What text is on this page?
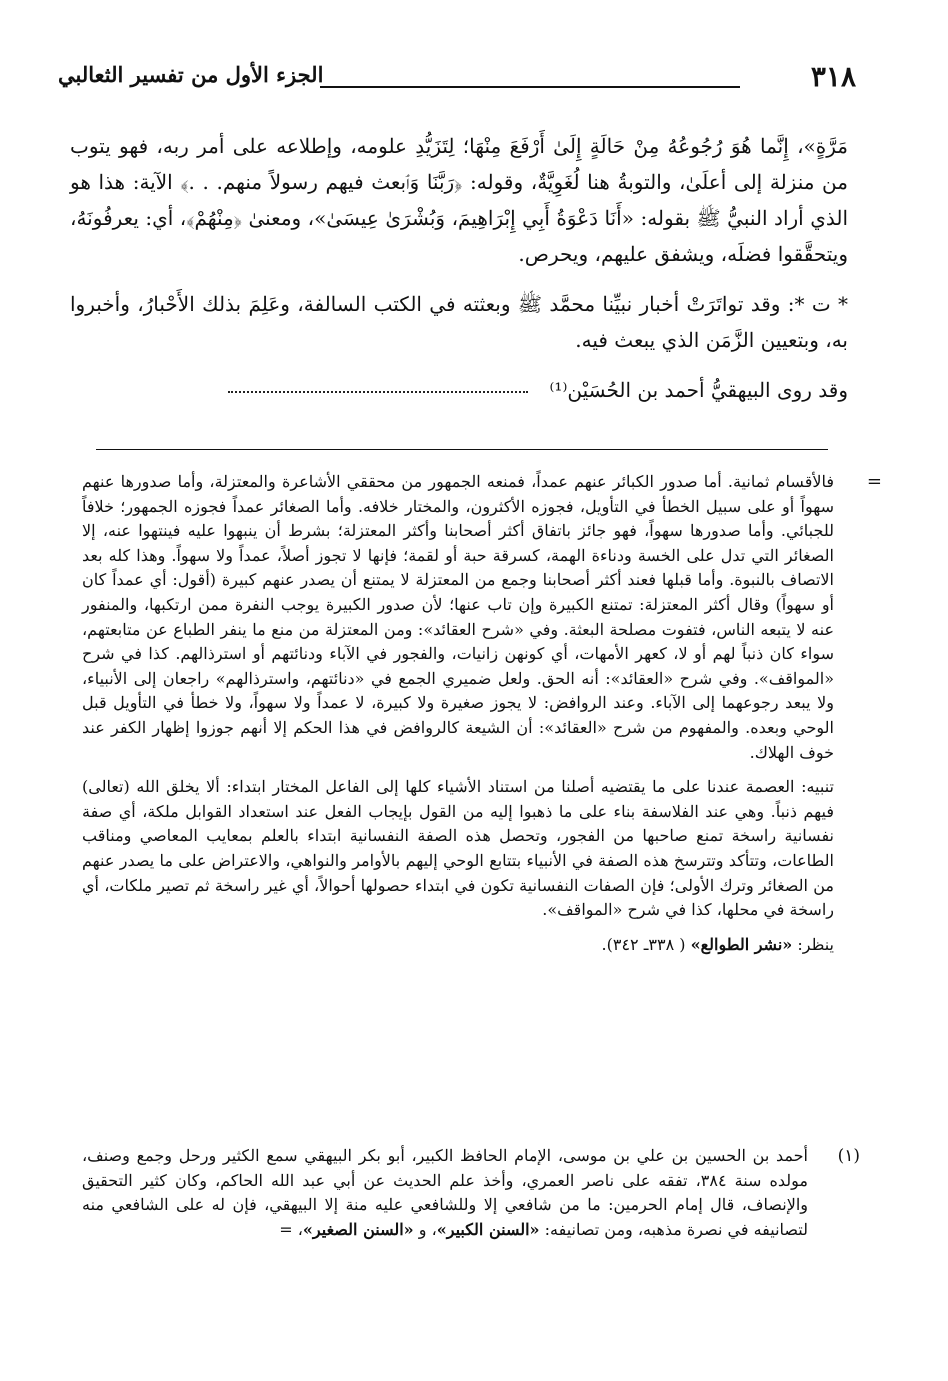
٣١٨
الجزء الأول من تفسير الثعالبي

مَرَّةٍ»، إِنَّما هُوَ رُجُوعُهُ مِنْ حَالَةٍ إِلَىٰ أَرْفَعَ مِنْهَا؛ لِتَزَيُّدِ علومه، وإطلاعه على أمر ربه، فهو يتوب من منزلة إلى أعلَىٰ، والتوبةُ هنا لُغَوِيَّةٌ، وقوله: ﴿رَبَّنَا وَٱبعث فيهم رسولاً منهم. . .﴾ الآية: هذا هو الذي أراد النبيُّ ﷺ بقوله: «أَنَا دَعْوَةُ أَبِي إِبْرَاهِيمَ، وَبُشْرَىٰ عِيسَىٰ»، ومعنىٰ ﴿مِنْهُمْ﴾، أي: يعرفُونَهُ، ويتحقَّقوا فضلَه، ويشفق عليهم، ويحرص.

* ت *: وقد تواتَرَتْ أخبار نبيِّنا محمَّد ﷺ وبعثته في الكتب السالفة، وعَلِمَ بذلك الأَحْبارُ، وأخبروا به، وبتعيين الزَّمَن الذي يبعث فيه.

وقد روى البيهقيُّ أحمد بن الحُسَيْن⁽¹⁾

=

فالأقسام ثمانية. أما صدور الكبائر عنهم عمداً، فمنعه الجمهور من محققي الأشاعرة والمعتزلة، وأما صدورها عنهم سهواً أو على سبيل الخطأ في التأويل، فجوزه الأكثرون، والمختار خلافه. وأما الصغائر عمداً فجوزه الجمهور؛ خلافاً للجبائي. وأما صدورها سهواً، فهو جائز باتفاق أكثر أصحابنا وأكثر المعتزلة؛ بشرط أن ينبهوا عليه فينتهوا عنه، إلا الصغائر التي تدل على الخسة ودناءة الهمة، كسرقة حبة أو لقمة؛ فإنها لا تجوز أصلاً، عمداً ولا سهواً. وهذا كله بعد الاتصاف بالنبوة. وأما قبلها فعند أكثر أصحابنا وجمع من المعتزلة لا يمتنع أن يصدر عنهم كبيرة (أقول: أي عمداً كان أو سهواً) وقال أكثر المعتزلة: تمتنع الكبيرة وإن تاب عنها؛ لأن صدور الكبيرة يوجب النفرة ممن ارتكبها، والمنفور عنه لا يتبعه الناس، فتفوت مصلحة البعثة. وفي «شرح العقائد»: ومن المعتزلة من منع ما ينفر الطباع عن متابعتهم، سواء كان ذنباً لهم أو لا، كعهر الأمهات، أي كونهن زانيات، والفجور في الآباء ودنائتهم أو استرذالهم. كذا في شرح «المواقف». وفي شرح «العقائد»: أنه الحق. ولعل ضميري الجمع في «دنائتهم، واسترذالهم» راجعان إلى الأنبياء، ولا يبعد رجوعهما إلى الآباء. وعند الروافض: لا يجوز صغيرة ولا كبيرة، لا عمداً ولا سهواً، ولا خطأ في التأويل قبل الوحي وبعده. والمفهوم من شرح «العقائد»: أن الشيعة كالروافض في هذا الحكم إلا أنهم جوزوا إظهار الكفر عند خوف الهلاك.

تنبيه: العصمة عندنا على ما يقتضيه أصلنا من استناد الأشياء كلها إلى الفاعل المختار ابتداء: ألا يخلق الله (تعالى) فيهم ذنباً. وهي عند الفلاسفة بناء على ما ذهبوا إليه من القول بإيجاب الفعل عند استعداد القوابل ملكة، أي صفة نفسانية راسخة تمنع صاحبها من الفجور، وتحصل هذه الصفة النفسانية ابتداء بالعلم بمعايب المعاصي ومناقب الطاعات، وتتأكد وتترسخ هذه الصفة في الأنبياء بتتابع الوحي إليهم بالأوامر والنواهي، والاعتراض على ما يصدر عنهم من الصغائر وترك الأولى؛ فإن الصفات النفسانية تكون في ابتداء حصولها أحوالاً، أي غير راسخة ثم تصير ملكات، أي راسخة في محلها، كذا في شرح «المواقف».

ينظر: «نشر الطوالع» ( ٣٣٨ـ ٣٤٢).

(١)

أحمد بن الحسين بن علي بن موسى، الإمام الحافظ الكبير، أبو بكر البيهقي سمع الكثير ورحل وجمع وصنف، مولده سنة ٣٨٤، تفقه على ناصر العمري، وأخذ علم الحديث عن أبي عبد الله الحاكم، وكان كثير التحقيق والإنصاف، قال إمام الحرمين: ما من شافعي إلا وللشافعي عليه منة إلا البيهقي، فإن له على الشافعي منه لتصانيفه في نصرة مذهبه، ومن تصانيفه: «السنن الكبير»، و «السنن الصغير»، =
